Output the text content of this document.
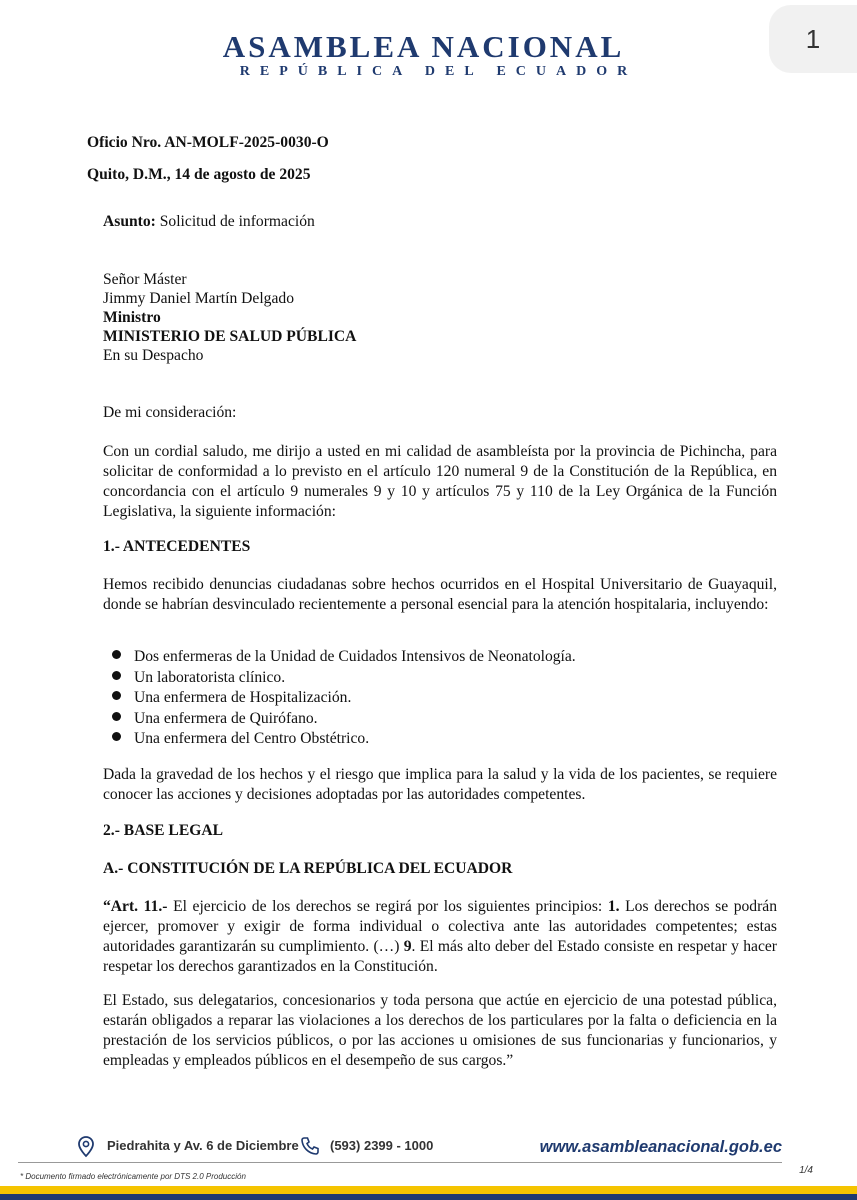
1
ASAMBLEA NACIONAL
REPÚBLICA DEL ECUADOR
Oficio Nro. AN-MOLF-2025-0030-O
Quito, D.M., 14 de agosto de 2025
Asunto: Solicitud de información
Señor Máster
Jimmy Daniel Martín Delgado
Ministro
MINISTERIO DE SALUD PÚBLICA
En su Despacho
De mi consideración:
Con un cordial saludo, me dirijo a usted en mi calidad de asambleísta por la provincia de Pichincha, para solicitar de conformidad a lo previsto en el artículo 120 numeral 9 de la Constitución de la República, en concordancia con el artículo 9 numerales 9 y 10 y artículos 75 y 110 de la Ley Orgánica de la Función Legislativa, la siguiente información:
1.- ANTECEDENTES
Hemos recibido denuncias ciudadanas sobre hechos ocurridos en el Hospital Universitario de Guayaquil, donde se habrían desvinculado recientemente a personal esencial para la atención hospitalaria, incluyendo:
Dos enfermeras de la Unidad de Cuidados Intensivos de Neonatología.
Un laboratorista clínico.
Una enfermera de Hospitalización.
Una enfermera de Quirófano.
Una enfermera del Centro Obstétrico.
Dada la gravedad de los hechos y el riesgo que implica para la salud y la vida de los pacientes, se requiere conocer las acciones y decisiones adoptadas por las autoridades competentes.
2.- BASE LEGAL
A.- CONSTITUCIÓN DE LA REPÚBLICA DEL ECUADOR
“Art. 11.- El ejercicio de los derechos se regirá por los siguientes principios: 1. Los derechos se podrán ejercer, promover y exigir de forma individual o colectiva ante las autoridades competentes; estas autoridades garantizarán su cumplimiento. (…) 9. El más alto deber del Estado consiste en respetar y hacer respetar los derechos garantizados en la Constitución.
El Estado, sus delegatarios, concesionarios y toda persona que actúe en ejercicio de una potestad pública, estarán obligados a reparar las violaciones a los derechos de los particulares por la falta o deficiencia en la prestación de los servicios públicos, o por las acciones u omisiones de sus funcionarias y funcionarios, y empleadas y empleados públicos en el desempeño de sus cargos.”
Piedrahita y Av. 6 de Diciembre (593) 2399 - 1000	www.asambleanacional.gob.ec
* Documento firmado electrónicamente por DTS 2.0 Producción
1/4
